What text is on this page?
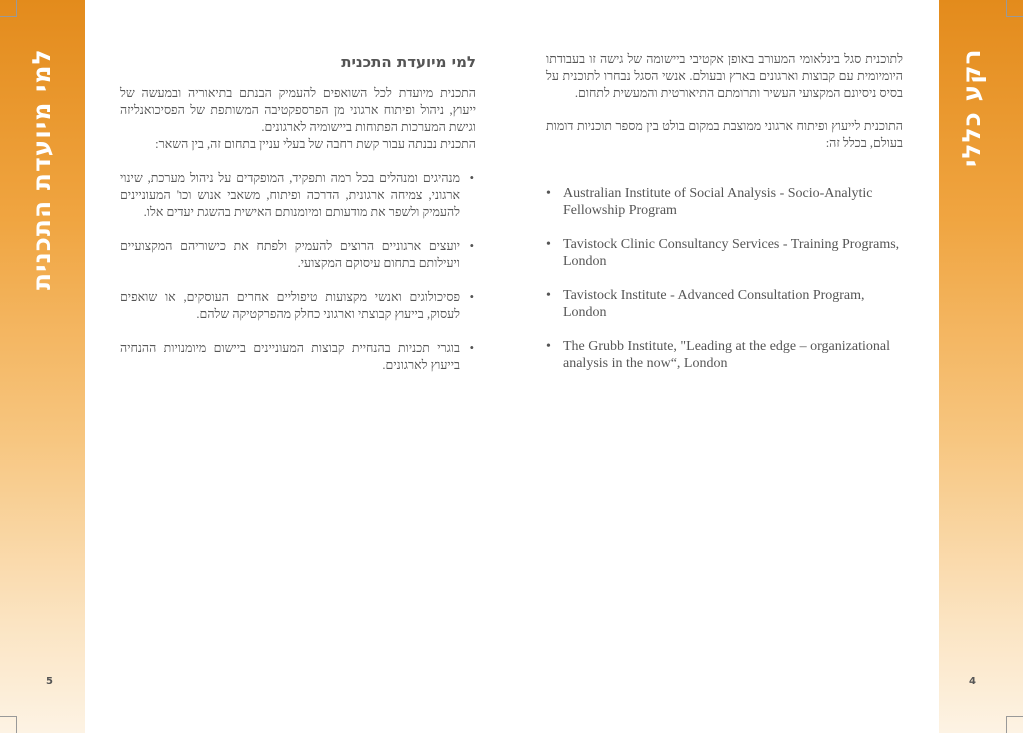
למי מיועדת התכנית
5
רקע כללי
4
למי מיועדת התכנית

התכנית מיועדת לכל השואפים להעמיק הבנתם בתיאוריה ובמעשה של ייעוץ, ניהול ופיתוח ארגוני מן הפרספקטיבה המשותפת של הפסיכואנליזה וגישת המערכות הפתוחות ביישומיה לארגונים.

התכנית נבנתה עבור קשת רחבה של בעלי עניין בתחום זה, בין השאר:

• מנהיגים ומנהלים בכל רמה ותפקיד, המופקדים על ניהול מערכת, שינוי ארגוני, צמיחה ארגונית, הדרכה ופיתוח, משאבי אנוש וכו' המעוניינים להעמיק ולשפר את מודעותם ומיומנותם האישית בהשגת יעדים אלו.
• יועצים ארגוניים הרוצים להעמיק ולפתח את כישוריהם המקצועיים ויעילותם בתחום עיסוקם המקצועי.
• פסיכולוגים ואנשי מקצועות טיפוליים אחרים העוסקים, או שואפים לעסוק, בייעוץ קבוצתי וארגוני כחלק מהפרקטיקה שלהם.
• בוגרי תכניות בהנחיית קבוצות המעוניינים ביישום מיומנויות ההנחיה בייעוץ לארגונים.

לתוכנית סגל בינלאומי המעורב באופן אקטיבי ביישומה של גישה זו בעבודתו היומיומית עם קבוצות וארגונים בארץ ובעולם. אנשי הסגל נבחרו לתוכנית על בסיס ניסיונם המקצועי העשיר ותרומתם התיאורטית והמעשית לתחום.

התוכנית לייעוץ ופיתוח ארגוני ממוצבת במקום בולט בין מספר תוכניות דומות בעולם, בכלל זה:

• Australian Institute of Social Analysis - Socio-Analytic Fellowship Program
• Tavistock Clinic Consultancy Services - Training Programs, London
• Tavistock Institute - Advanced Consultation Program, London
• The Grubb Institute, "Leading at the edge – organizational analysis in the now“, London
